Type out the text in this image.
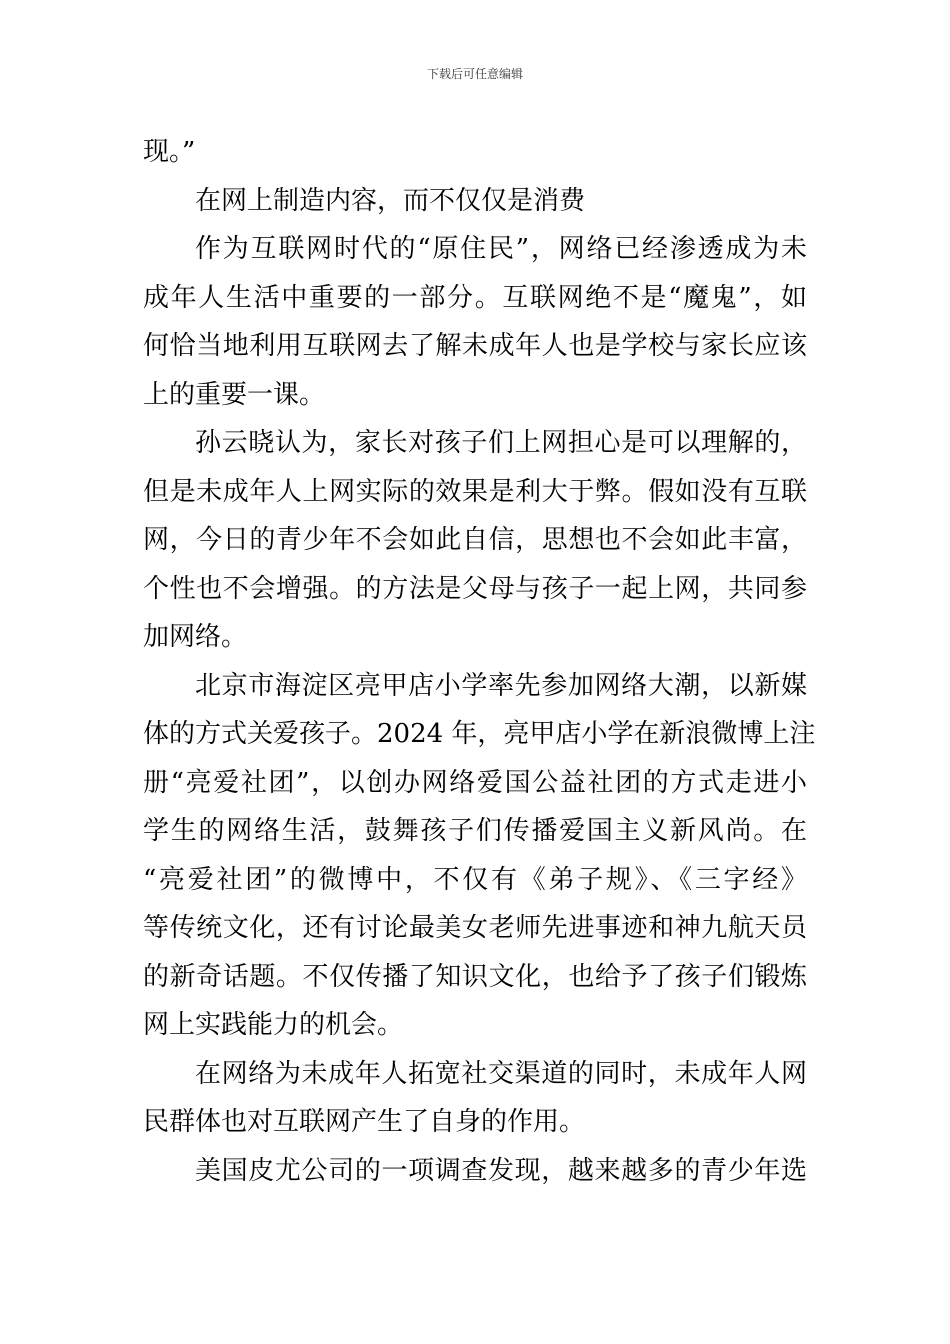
下载后可任意编辑
现。”
在网上制造内容，而不仅仅是消费
作为互联网时代的“原住民”，网络已经渗透成为未
成年人生活中重要的一部分。互联网绝不是“魔鬼”，如
何恰当地利用互联网去了解未成年人也是学校与家长应该
上的重要一课。
孙云晓认为，家长对孩子们上网担心是可以理解的，
但是未成年人上网实际的效果是利大于弊。假如没有互联
网，今日的青少年不会如此自信，思想也不会如此丰富，
个性也不会增强。的方法是父母与孩子一起上网，共同参
加网络。
北京市海淀区亮甲店小学率先参加网络大潮，以新媒
体的方式关爱孩子。2024 年，亮甲店小学在新浪微博上注
册“亮爱社团”，以创办网络爱国公益社团的方式走进小
学生的网络生活，鼓舞孩子们传播爱国主义新风尚。在
“亮爱社团”的微博中，不仅有《弟子规》、《三字经》
等传统文化，还有讨论最美女老师先进事迹和神九航天员
的新奇话题。不仅传播了知识文化，也给予了孩子们锻炼
网上实践能力的机会。
在网络为未成年人拓宽社交渠道的同时，未成年人网
民群体也对互联网产生了自身的作用。
美国皮尤公司的一项调查发现，越来越多的青少年选
